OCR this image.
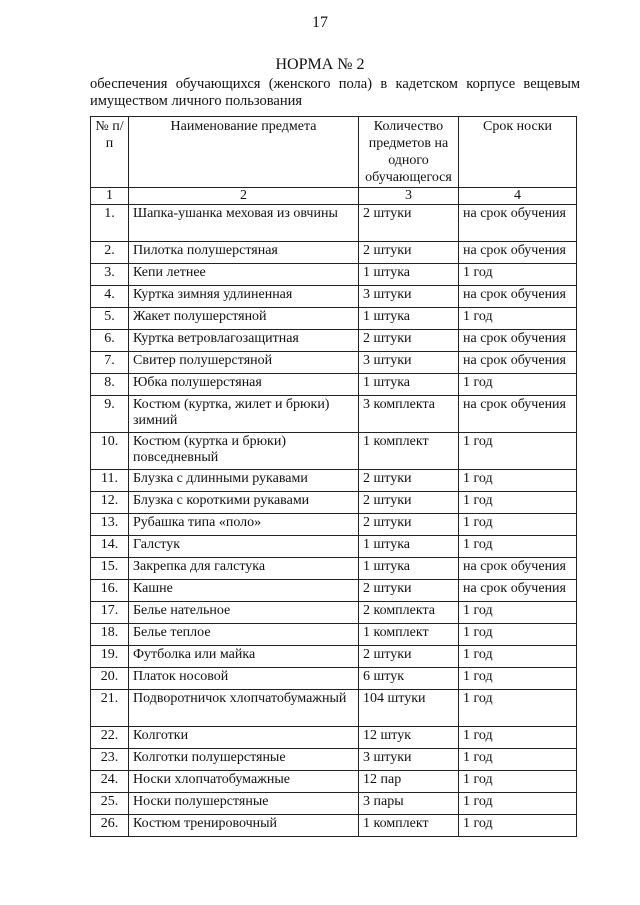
17
НОРМА № 2
обеспечения обучающихся (женского пола) в кадетском корпусе вещевым имуществом личного пользования
№ п/п	Наименование предмета	Количество предметов на одного обучающегося	Срок носки
1	2	3	4
1.	Шапка-ушанка меховая из овчины	2 штуки	на срок обучения
2.	Пилотка полушерстяная	2 штуки	на срок обучения
3.	Кепи летнее	1 штука	1 год
4.	Куртка зимняя удлиненная	3 штуки	на срок обучения
5.	Жакет полушерстяной	1 штука	1 год
6.	Куртка ветровлагозащитная	2 штуки	на срок обучения
7.	Свитер полушерстяной	3 штуки	на срок обучения
8.	Юбка полушерстяная	1 штука	1 год
9.	Костюм (куртка, жилет и брюки) зимний	3 комплекта	на срок обучения
10.	Костюм (куртка и брюки) повседневный	1 комплект	1 год
11.	Блузка с длинными рукавами	2 штуки	1 год
12.	Блузка с короткими рукавами	2 штуки	1 год
13.	Рубашка типа «поло»	2 штуки	1 год
14.	Галстук	1 штука	1 год
15.	Закрепка для галстука	1 штука	на срок обучения
16.	Кашне	2 штуки	на срок обучения
17.	Белье нательное	2 комплекта	1 год
18.	Белье теплое	1 комплект	1 год
19.	Футболка или майка	2 штуки	1 год
20.	Платок носовой	6 штук	1 год
21.	Подворотничок хлопчатобумажный	104 штуки	1 год
22.	Колготки	12 штук	1 год
23.	Колготки полушерстяные	3 штуки	1 год
24.	Носки хлопчатобумажные	12 пар	1 год
25.	Носки полушерстяные	3 пары	1 год
26.	Костюм тренировочный	1 комплект	1 год
